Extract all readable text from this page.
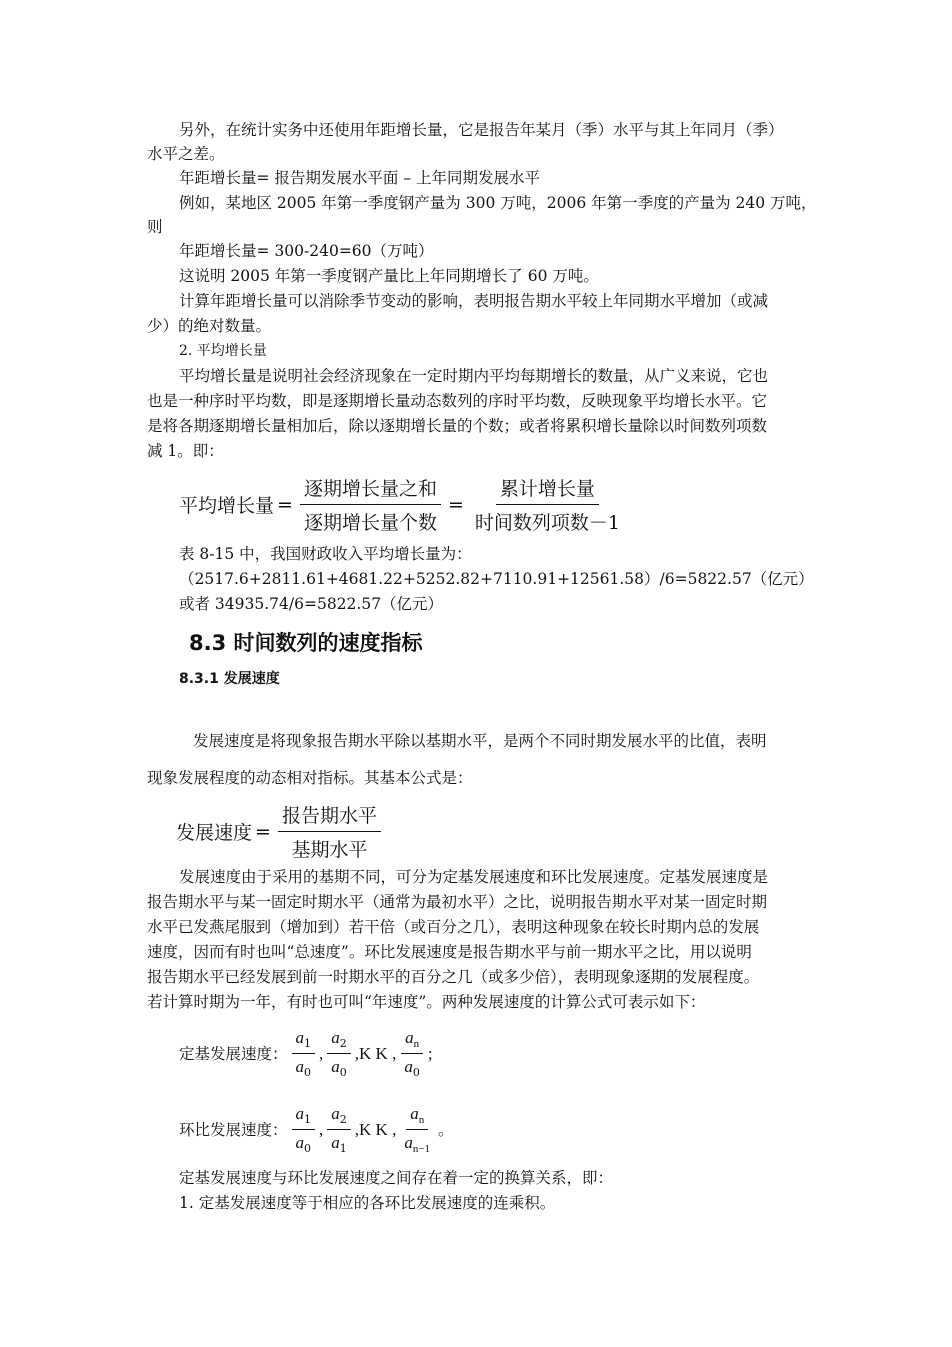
另外，在统计实务中还使用年距增长量，它是报告年某月（季）水平与其上年同月（季）
水平之差。
年距增长量= 报告期发展水平面 – 上年同期发展水平
例如，某地区 2005 年第一季度钢产量为 300 万吨，2006 年第一季度的产量为 240 万吨，
则
年距增长量= 300-240=60（万吨）
这说明 2005 年第一季度钢产量比上年同期增长了 60 万吨。
计算年距增长量可以消除季节变动的影响，表明报告期水平较上年同期水平增加（或减
少）的绝对数量。
2. 平均增长量
平均增长量是说明社会经济现象在一定时期内平均每期增长的数量，从广义来说，它也
也是一种序时平均数，即是逐期增长量动态数列的序时平均数，反映现象平均增长水平。它
是将各期逐期增长量相加后，除以逐期增长量的个数；或者将累积增长量除以时间数列项数
减 1。即：
平均增长量 = $\frac{\text{逐期增长量之和}}{\text{逐期增长量个数}} = \frac{\text{累计增长量}}{\text{时间数列项数－1}}$
表 8-15 中，我国财政收入平均增长量为：
（2517.6+2811.61+4681.22+5252.82+7110.91+12561.58）/6=5822.57（亿元）
或者 34935.74/6=5822.57（亿元）
8.3 时间数列的速度指标
8.3.1 发展速度
发展速度是将现象报告期水平除以基期水平，是两个不同时期发展水平的比值，表明
现象发展程度的动态相对指标。其基本公式是：
发展速度 = $\frac{\text{报告期水平}}{\text{基期水平}}$
发展速度由于采用的基期不同，可分为定基发展速度和环比发展速度。定基发展速度是
报告期水平与某一固定时期水平（通常为最初水平）之比，说明报告期水平对某一固定时期
水平已发燕尾服到（增加到）若干倍（或百分之几），表明这种现象在较长时期内总的发展
速度，因而有时也叫“总速度”。环比发展速度是报告期水平与前一期水平之比，用以说明
报告期水平已经发展到前一时期水平的百分之几（或多少倍），表明现象逐期的发展程度。
若计算时期为一年，有时也可叫“年速度”。两种发展速度的计算公式可表示如下：
定基发展速度： $\frac{a_1}{a_0}$ , $\frac{a_2}{a_0} ,K$ K , $\frac{a_n}{a_0}$ ;
环比发展速度： $\frac{a_1}{a_0}$ , $\frac{a_2}{a_1} ,K$ K , $\frac{a_n}{a_{n-1}}$ 。
定基发展速度与环比发展速度之间存在着一定的换算关系，即：
1. 定基发展速度等于相应的各环比发展速度的连乘积。
